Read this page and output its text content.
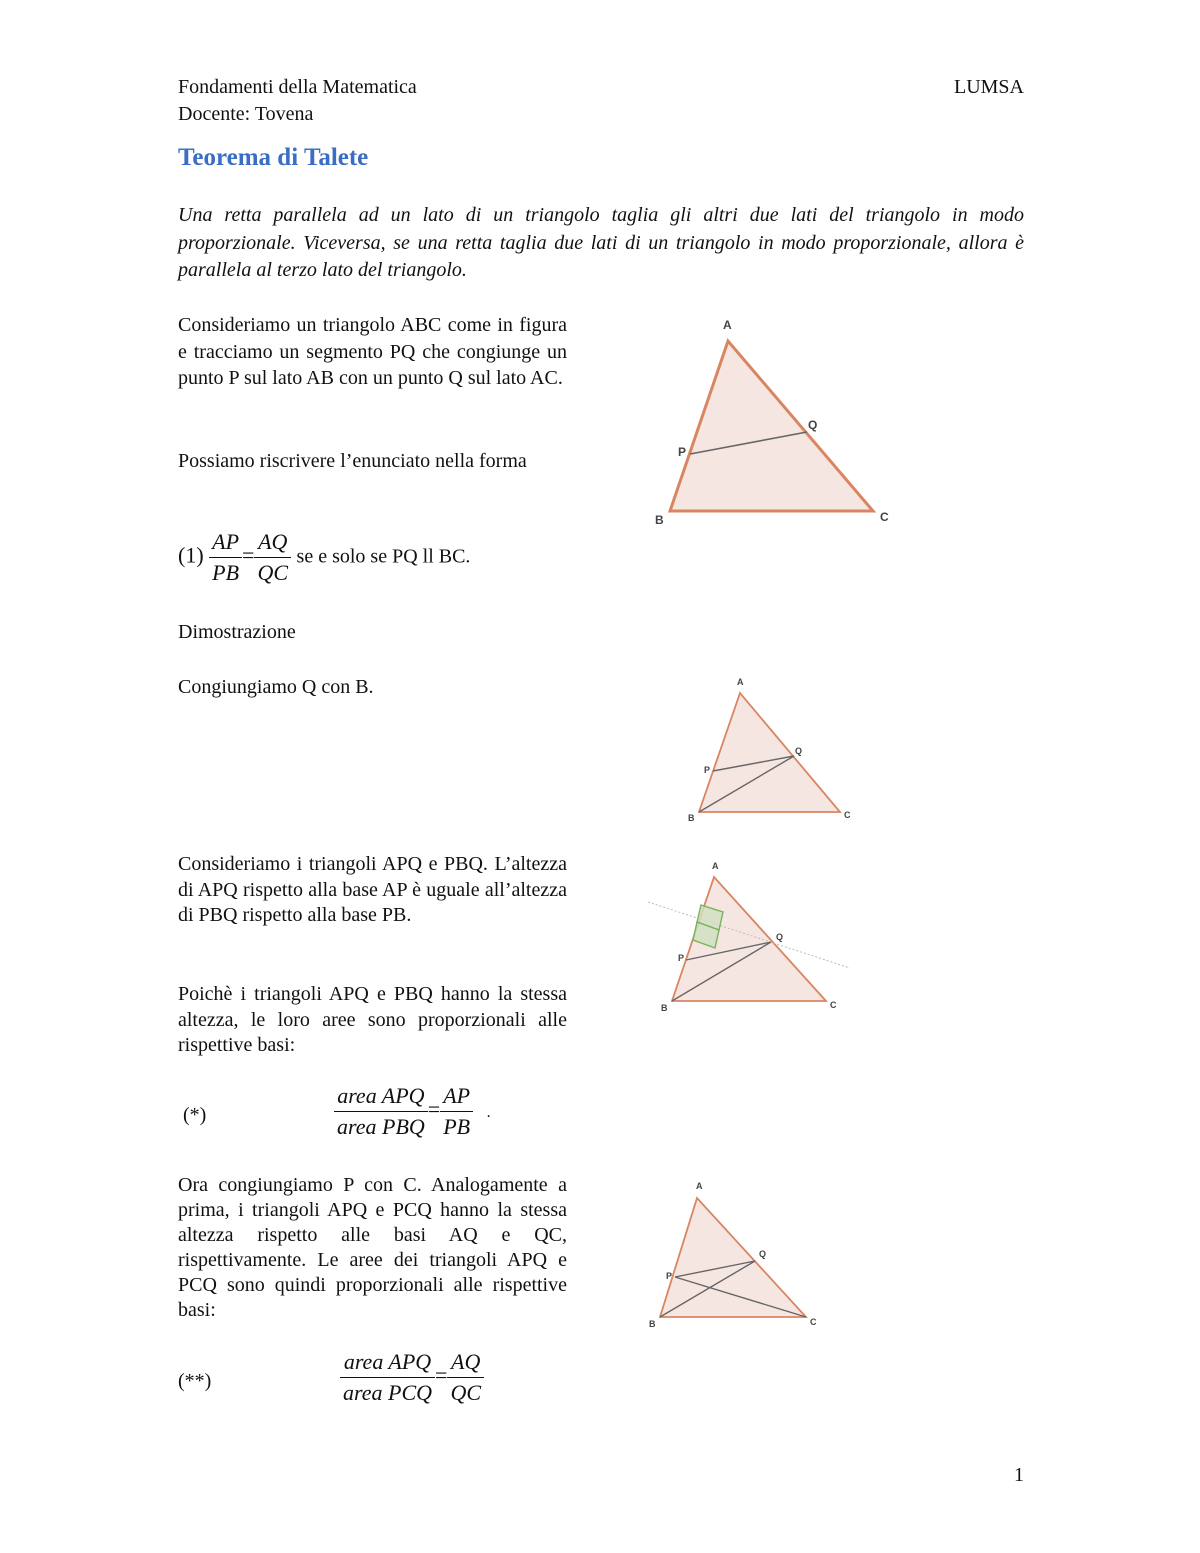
Fondamenti della Matematica
Docente: Tovena
LUMSA
Teorema di Talete
Una retta parallela ad un lato di un triangolo taglia gli altri due lati del triangolo in modo proporzionale. Viceversa, se una retta taglia due lati di un triangolo in modo proporzionale, allora è parallela al terzo lato del triangolo.
Consideriamo un triangolo ABC come in figura e tracciamo un segmento PQ che congiunge un punto P sul lato AB con un punto Q sul lato AC.
Possiamo riscrivere l’enunciato nella forma
$(1) \frac{AP}{PB} = \frac{AQ}{QC}$ se e solo se PQ ll BC.
Dimostrazione
Congiungiamo Q con B.
Consideriamo i triangoli APQ e PBQ. L’altezza di APQ rispetto alla base AP è uguale all’altezza di PBQ rispetto alla base PB.
Poichè i triangoli APQ e PBQ hanno la stessa altezza, le loro aree sono proporzionali alle rispettive basi:
(*)	$\frac{\text{area APQ}}{\text{area PBQ}} = \frac{AP}{PB}$ .
Ora congiungiamo P con C. Analogamente a prima, i triangoli APQ e PCQ hanno la stessa altezza rispetto alle basi AQ e QC, rispettivamente. Le aree dei triangoli APQ e PCQ sono quindi proporzionali alle rispettive basi:
(**)	$\frac{\text{area APQ}}{\text{area PCQ}} = \frac{AQ}{QC}$
1
A
B	C
P
Q
A
B	C
P
Q
A
B	C
P
Q
A
B	C
P
Q
